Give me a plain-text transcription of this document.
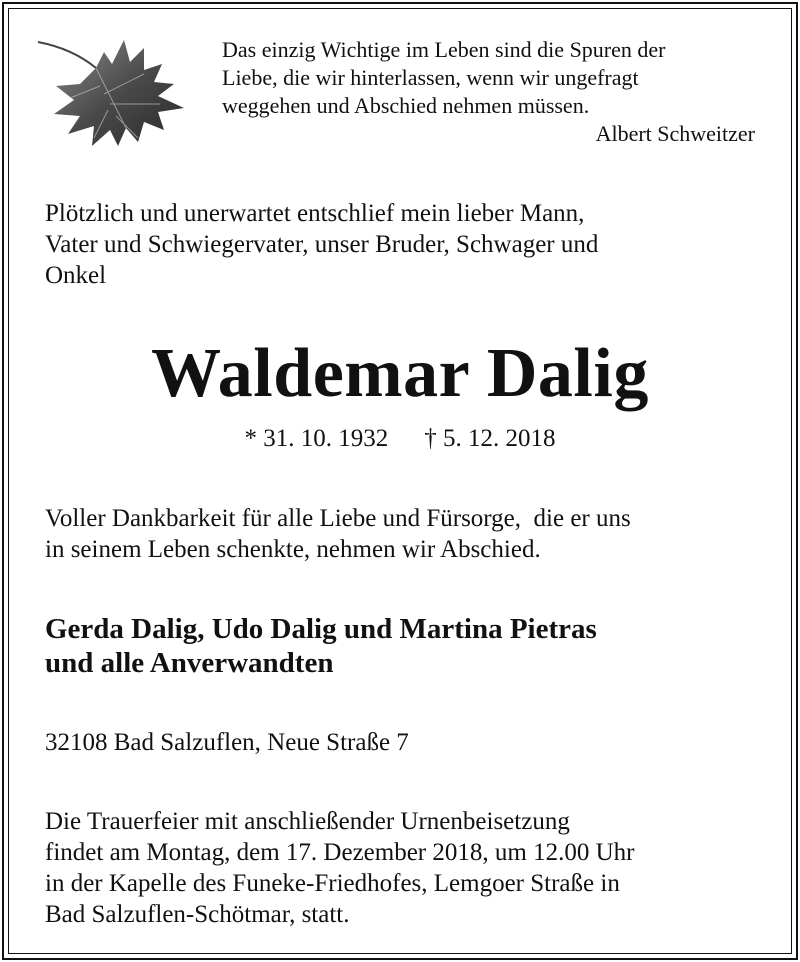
Das einzig Wichtige im Leben sind die Spuren der
Liebe, die wir hinterlassen, wenn wir ungefragt
weggehen und Abschied nehmen müssen.
Albert Schweitzer
Plötzlich und unerwartet entschlief mein lieber Mann,
Vater und Schwiegervater, unser Bruder, Schwager und
Onkel
Waldemar Dalig
* 31. 10. 1932 † 5. 12. 2018
Voller Dankbarkeit für alle Liebe und Fürsorge,  die er uns
in seinem Leben schenkte, nehmen wir Abschied.
Gerda Dalig, Udo Dalig und Martina Pietras
und alle Anverwandten
32108 Bad Salzuflen, Neue Straße 7
Die Trauerfeier mit anschließender Urnenbeisetzung
findet am Montag, dem 17. Dezember 2018, um 12.00 Uhr
in der Kapelle des Funeke-Friedhofes, Lemgoer Straße in
Bad Salzuflen-Schötmar, statt.
